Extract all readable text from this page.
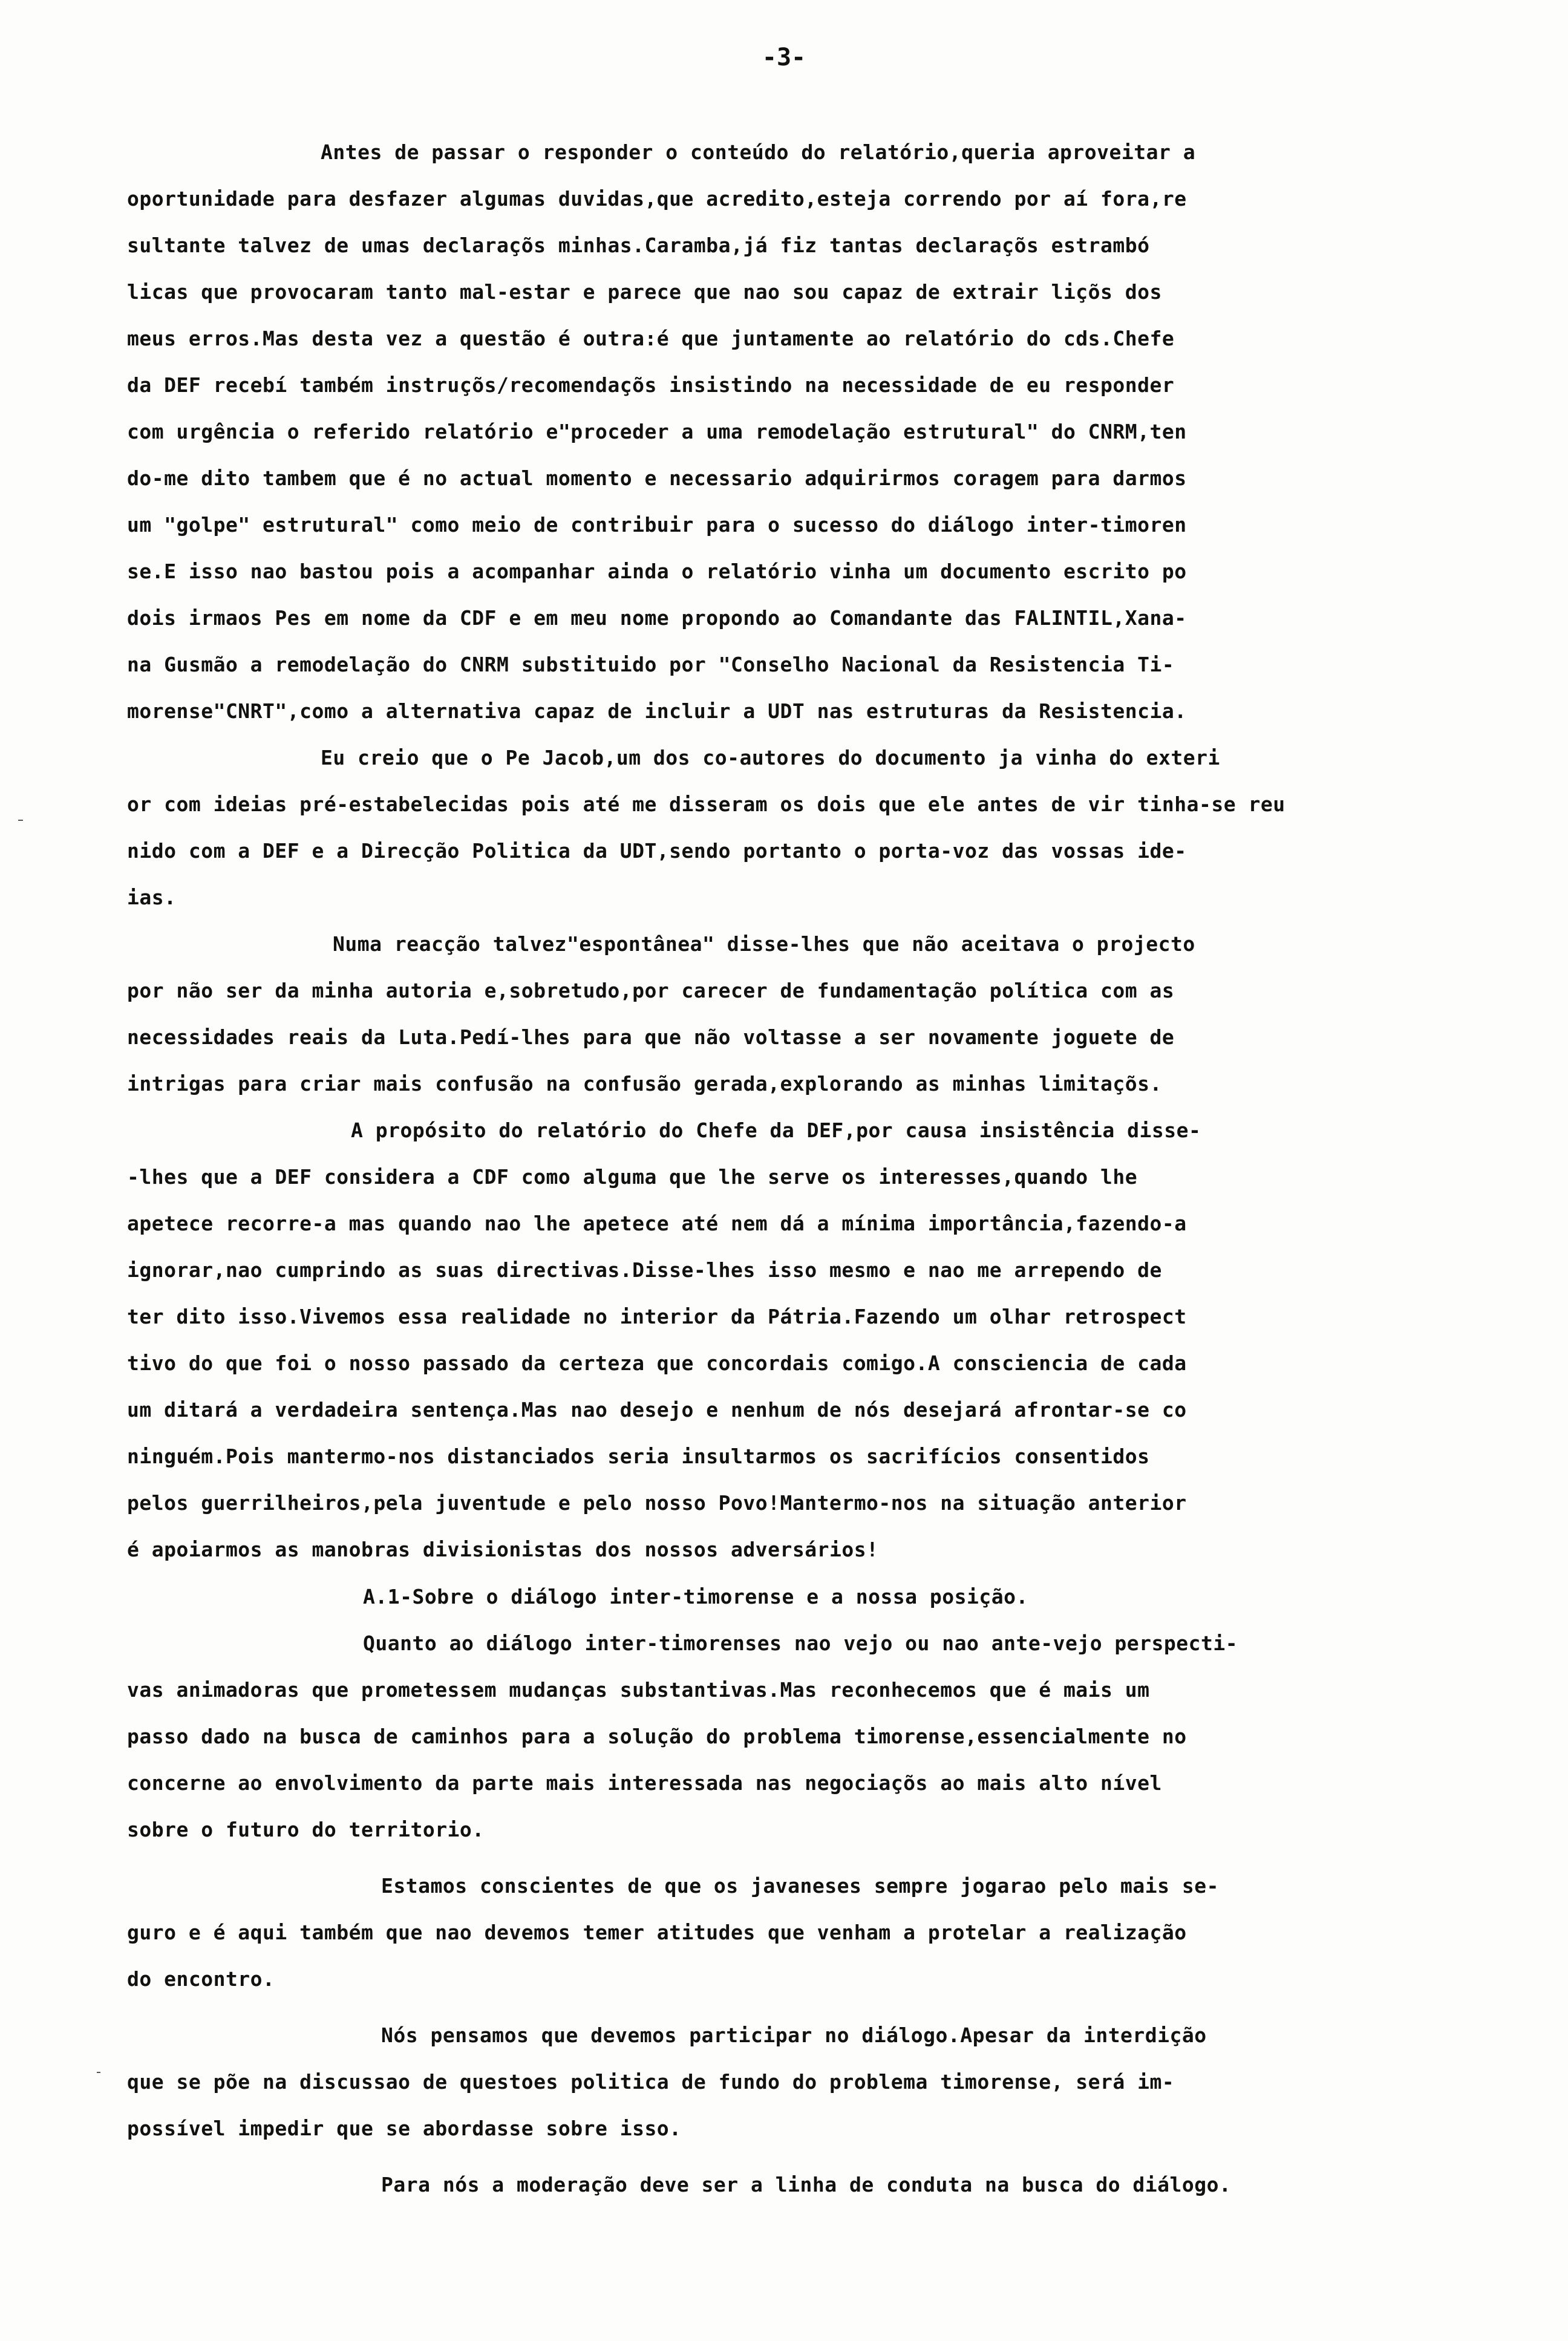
-3-
Antes de passar o responder o conteúdo do relatório,queria aproveitar a
oportunidade para desfazer algumas duvidas,que acredito,esteja correndo por aí fora,re
sultante talvez de umas declaraçõs minhas.Caramba,já fiz tantas declaraçõs estrambó
licas que provocaram tanto mal-estar e parece que nao sou capaz de extrair liçõs dos
meus erros.Mas desta vez a questão é outra:é que juntamente ao relatório do cds.Chefe
da DEF recebí também instruçõs/recomendaçõs insistindo na necessidade de eu responder
com urgência o referido relatório e"proceder a uma remodelação estrutural" do CNRM,ten
do-me dito tambem que é no actual momento e necessario adquirirmos coragem para darmos
um "golpe" estrutural" como meio de contribuir para o sucesso do diálogo inter-timoren
se.E isso nao bastou pois a acompanhar ainda o relatório vinha um documento escrito po
dois irmaos Pes em nome da CDF e em meu nome propondo ao Comandante das FALINTIL,Xana-
na Gusmão a remodelação do CNRM substituido por "Conselho Nacional da Resistencia Ti-
morense"CNRT",como a alternativa capaz de incluir a UDT nas estruturas da Resistencia.
Eu creio que o Pe Jacob,um dos co-autores do documento ja vinha do exteri
or com ideias pré-estabelecidas pois até me disseram os dois que ele antes de vir tinha-se reu
nido com a DEF e a Direcção Politica da UDT,sendo portanto o porta-voz das vossas ide-
ias.
Numa reacção talvez"espontânea" disse-lhes que não aceitava o projecto
por não ser da minha autoria e,sobretudo,por carecer de fundamentação política com as
necessidades reais da Luta.Pedí-lhes para que não voltasse a ser novamente joguete de
intrigas para criar mais confusão na confusão gerada,explorando as minhas limitaçõs.
A propósito do relatório do Chefe da DEF,por causa insistência disse-
-lhes que a DEF considera a CDF como alguma que lhe serve os interesses,quando lhe
apetece recorre-a mas quando nao lhe apetece até nem dá a mínima importância,fazendo-a
ignorar,nao cumprindo as suas directivas.Disse-lhes isso mesmo e nao me arrependo de
ter dito isso.Vivemos essa realidade no interior da Pátria.Fazendo um olhar retrospect
tivo do que foi o nosso passado da certeza que concordais comigo.A consciencia de cada
um ditará a verdadeira sentença.Mas nao desejo e nenhum de nós desejará afrontar-se co
ninguém.Pois mantermo-nos distanciados seria insultarmos os sacrifícios consentidos
pelos guerrilheiros,pela juventude e pelo nosso Povo!Mantermo-nos na situação anterior
é apoiarmos as manobras divisionistas dos nossos adversários!
A.1-Sobre o diálogo inter-timorense e a nossa posição.
Quanto ao diálogo inter-timorenses nao vejo ou nao ante-vejo perspecti-
vas animadoras que prometessem mudanças substantivas.Mas reconhecemos que é mais um
passo dado na busca de caminhos para a solução do problema timorense,essencialmente no
concerne ao envolvimento da parte mais interessada nas negociaçõs ao mais alto nível
sobre o futuro do territorio.
Estamos conscientes de que os javaneses sempre jogarao pelo mais se-
guro e é aqui também que nao devemos temer atitudes que venham a protelar a realização
do encontro.
Nós pensamos que devemos participar no diálogo.Apesar da interdição
que se põe na discussao de questoes politica de fundo do problema timorense, será im-
possível impedir que se abordasse sobre isso.
Para nós a moderação deve ser a linha de conduta na busca do diálogo.
